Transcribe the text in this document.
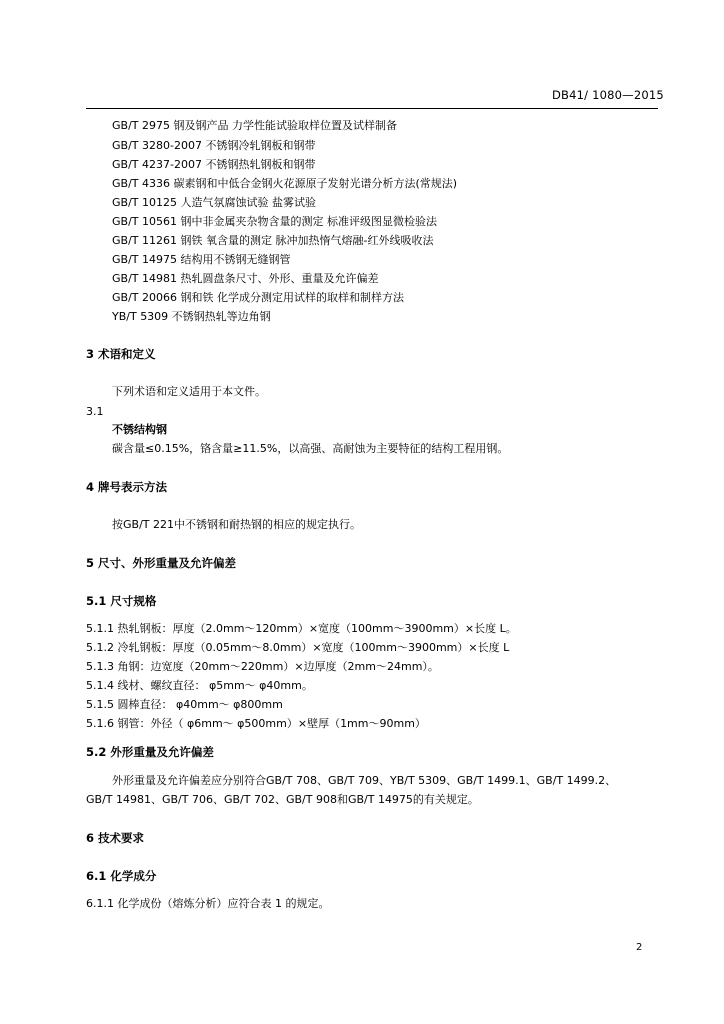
DB41/ 1080—2015
GB/T 2975 钢及钢产品 力学性能试验取样位置及试样制备
GB/T 3280-2007 不锈钢冷轧钢板和钢带
GB/T 4237-2007 不锈钢热轧钢板和钢带
GB/T 4336 碳素钢和中低合金钢火花源原子发射光谱分析方法(常规法)
GB/T 10125 人造气氛腐蚀试验 盐雾试验
GB/T 10561 钢中非金属夹杂物含量的测定 标准评级图显微检验法
GB/T 11261 钢铁 氧含量的测定 脉冲加热惰气熔融-红外线吸收法
GB/T 14975 结构用不锈钢无缝钢管
GB/T 14981 热轧圆盘条尺寸、外形、重量及允许偏差
GB/T 20066 钢和铁 化学成分测定用试样的取样和制样方法
YB/T 5309 不锈钢热轧等边角钢
3 术语和定义
下列术语和定义适用于本文件。
3.1
不锈结构钢
碳含量≤0.15%，铬含量≥11.5%，以高强、高耐蚀为主要特征的结构工程用钢。
4 牌号表示方法
按GB/T 221中不锈钢和耐热钢的相应的规定执行。
5 尺寸、外形重量及允许偏差
5.1 尺寸规格
5.1.1 热轧钢板：厚度（2.0mm～120mm）×宽度（100mm～3900mm）×长度 L。
5.1.2 冷轧钢板：厚度（0.05mm～8.0mm）×宽度（100mm～3900mm）×长度 L
5.1.3 角钢：边宽度（20mm～220mm）×边厚度（2mm～24mm）。
5.1.4 线材、螺纹直径： φ5mm～ φ40mm。
5.1.5 圆棒直径： φ40mm～ φ800mm
5.1.6 钢管：外径（ φ6mm～ φ500mm）×壁厚（1mm～90mm）
5.2 外形重量及允许偏差
外形重量及允许偏差应分别符合GB/T 708、GB/T 709、YB/T 5309、GB/T 1499.1、GB/T 1499.2、
GB/T 14981、GB/T 706、GB/T 702、GB/T 908和GB/T 14975的有关规定。
6 技术要求
6.1 化学成分
6.1.1 化学成份（熔炼分析）应符合表 1 的规定。
2
